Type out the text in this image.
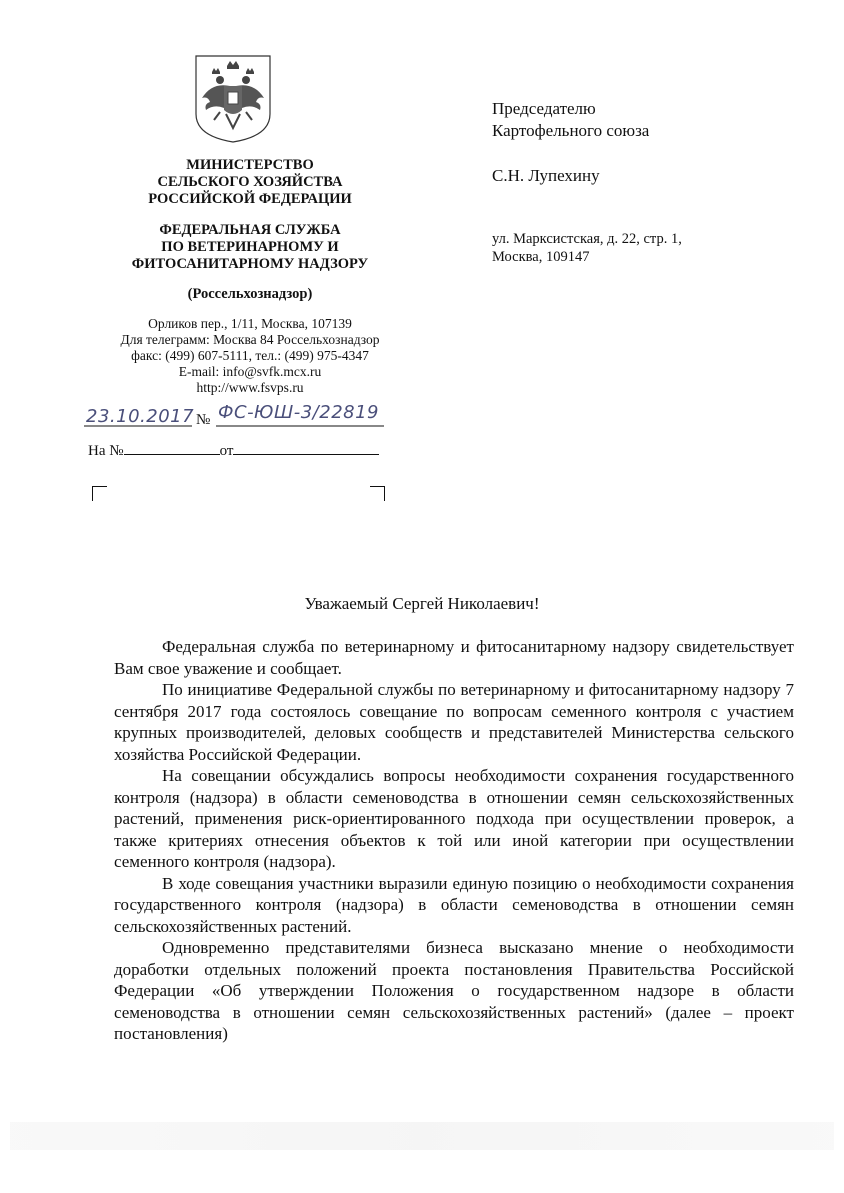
МИНИСТЕРСТВО
СЕЛЬСКОГО ХОЗЯЙСТВА
РОССИЙСКОЙ ФЕДЕРАЦИИ
ФЕДЕРАЛЬНАЯ СЛУЖБА
ПО ВЕТЕРИНАРНОМУ И
ФИТОСАНИТАРНОМУ НАДЗОРУ
(Россельхознадзор)
Орликов пер., 1/11, Москва, 107139
Для телеграмм: Москва 84 Россельхознадзор
факс: (499) 607-5111, тел.: (499) 975-4347
E-mail: info@svfk.mcx.ru
http://www.fsvps.ru
23.10.2017 № ФС-ЮШ-3/22819
На №	от
Председателю
Картофельного союза
С.Н. Лупехину
ул. Марксистская, д. 22, стр. 1,
Москва, 109147
Уважаемый Сергей Николаевич!

Федеральная служба по ветеринарному и фитосанитарному надзору свидетельствует Вам свое уважение и сообщает.

По инициативе Федеральной службы по ветеринарному и фитосанитарному надзору 7 сентября 2017 года состоялось совещание по вопросам семенного контроля с участием крупных производителей, деловых сообществ и представителей Министерства сельского хозяйства Российской Федерации.

На совещании обсуждались вопросы необходимости сохранения государственного контроля (надзора) в области семеноводства в отношении семян сельскохозяйственных растений, применения риск-ориентированного подхода при осуществлении проверок, а также критериях отнесения объектов к той или иной категории при осуществлении семенного контроля (надзора).

В ходе совещания участники выразили единую позицию о необходимости сохранения государственного контроля (надзора) в области семеноводства в отношении семян сельскохозяйственных растений.

Одновременно представителями бизнеса высказано мнение о необходимости доработки отдельных положений проекта постановления Правительства Российской Федерации «Об утверждении Положения о государственном надзоре в области семеноводства в отношении семян сельскохозяйственных растений» (далее – проект постановления)
